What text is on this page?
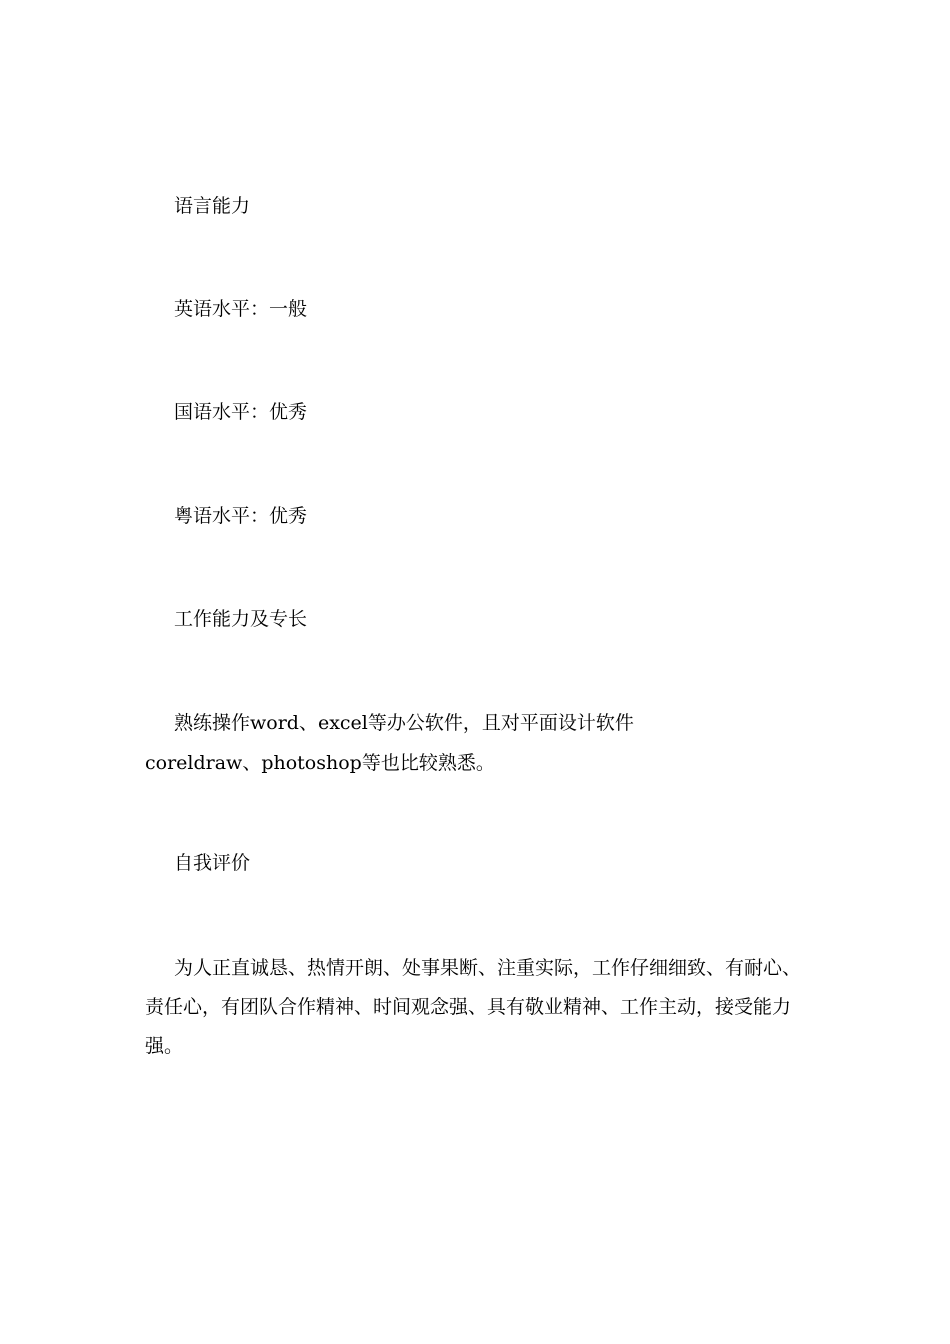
语言能力

英语水平：一般

国语水平：优秀

粤语水平：优秀

工作能力及专长

熟练操作word、excel等办公软件，且对平面设计软件coreldraw、photoshop等也比较熟悉。

自我评价

为人正直诚恳、热情开朗、处事果断、注重实际，工作仔细细致、有耐心、责任心，有团队合作精神、时间观念强、具有敬业精神、工作主动，接受能力强。
